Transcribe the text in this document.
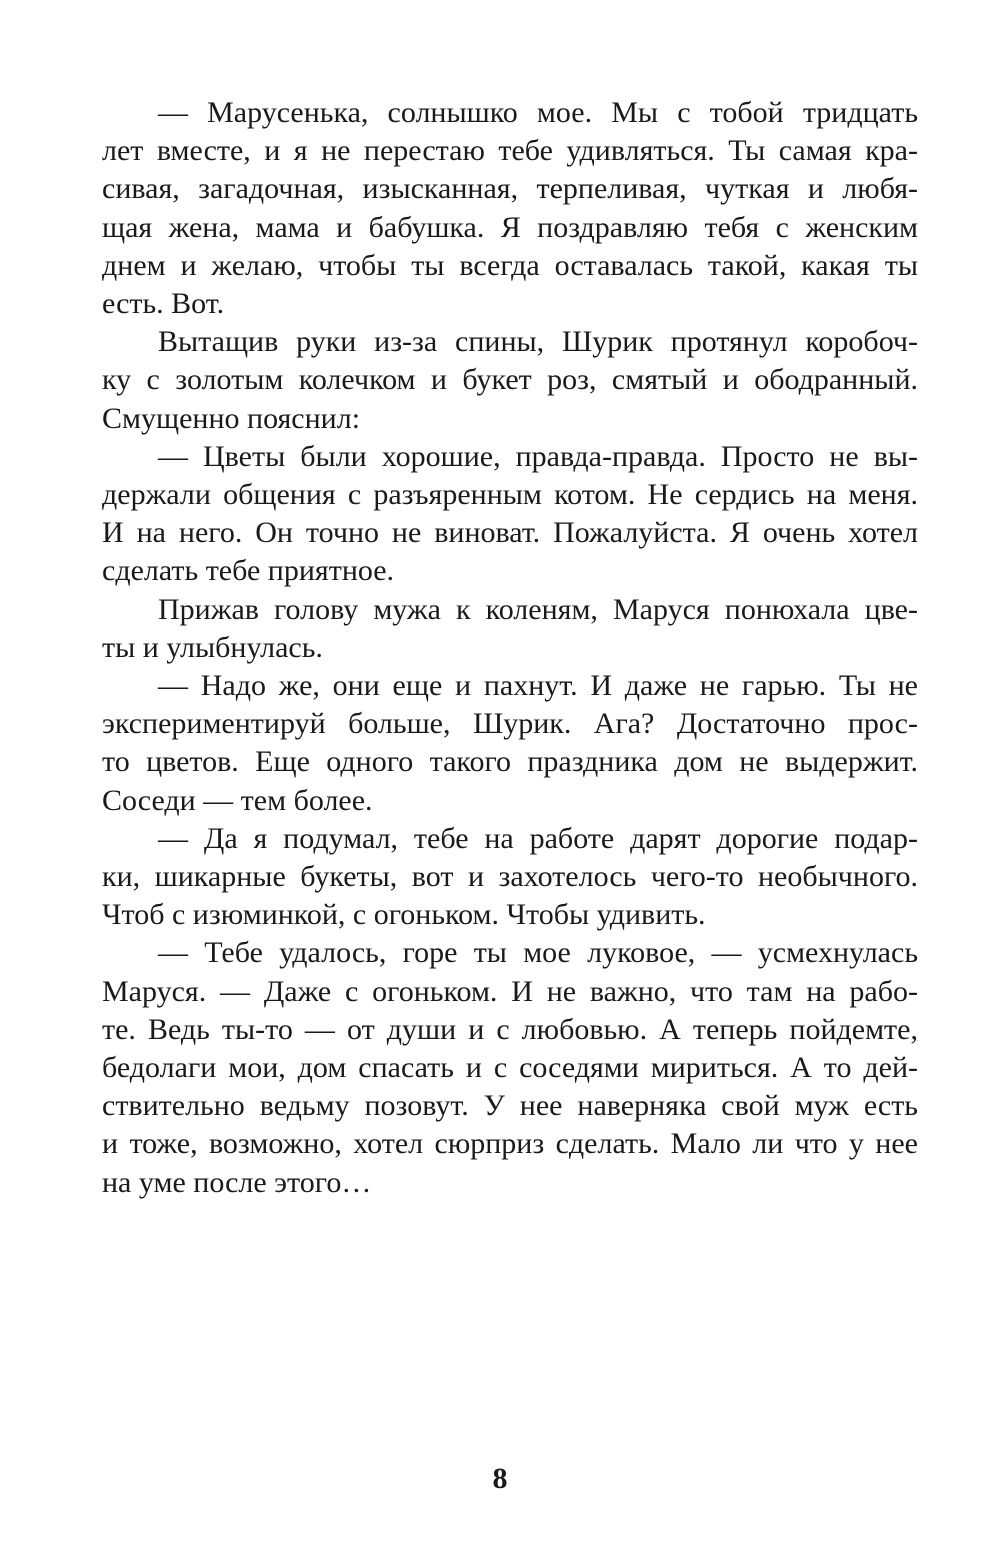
— Марусенька, солнышко мое. Мы с тобой тридцать
лет вместе, и я не перестаю тебе удивляться. Ты самая кра-
сивая, загадочная, изысканная, терпеливая, чуткая и любя-
щая жена, мама и бабушка. Я поздравляю тебя с женским
днем и желаю, чтобы ты всегда оставалась такой, какая ты
есть. Вот.

Вытащив руки из-за спины, Шурик протянул коробоч-
ку с золотым колечком и букет роз, смятый и ободранный.
Смущенно пояснил:

— Цветы были хорошие, правда-правда. Просто не вы-
держали общения с разъяренным котом. Не сердись на меня.
И на него. Он точно не виноват. Пожалуйста. Я очень хотел
сделать тебе приятное.

Прижав голову мужа к коленям, Маруся понюхала цве-
ты и улыбнулась.

— Надо же, они еще и пахнут. И даже не гарью. Ты не
экспериментируй больше, Шурик. Ага? Достаточно прос-
то цветов. Еще одного такого праздника дом не выдержит.
Соседи — тем более.

— Да я подумал, тебе на работе дарят дорогие подар-
ки, шикарные букеты, вот и захотелось чего-то необычного.
Чтоб с изюминкой, с огоньком. Чтобы удивить.

— Тебе удалось, горе ты мое луковое, — усмехнулась
Маруся. — Даже с огоньком. И не важно, что там на рабо-
те. Ведь ты-то — от души и с любовью. А теперь пойдемте,
бедолаги мои, дом спасать и с соседями мириться. А то дей-
ствительно ведьму позовут. У нее наверняка свой муж есть
и тоже, возможно, хотел сюрприз сделать. Мало ли что у нее
на уме после этого…

8
